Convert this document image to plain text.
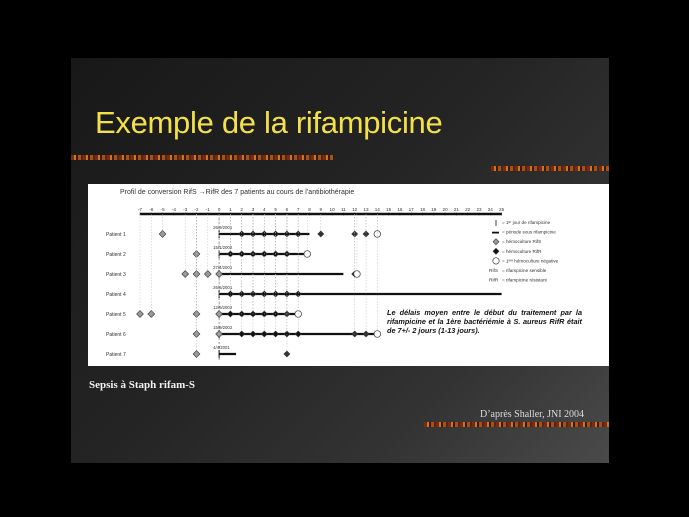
Exemple de la rifampicine
Profil de conversion RifS →RifR des 7 patients au cours de l’antibiothérapie
-7 -6 -5 -4 -3 -2 -1 0 1 2 3 4 5 6 7 8 9 10 11 12 13 14 15 16 17 18 19 20 21 22 23 24 25
Patient 1
26/9/2001
Patient 2
15/1/2002
Patient 3
27/4/2001
Patient 4
26/6/2001
Patient 5
12/9/2002
Patient 6
15/9/2002
Patient 7
4/4/2001
= 1ᵉʳ jour de rifampicine
= période sous rifampicine
= hémoculture RifS
= hémoculture RifR
= 1ᵉʳᵉ hémoculture négative
RifS = rifampicine sensible
RifR = rifampicine résistant
Le délais moyen entre le début du traitement par la rifampicine et la 1ère bactériémie à S. aureus RifR était de 7+/- 2 jours (1-13 jours).
Sepsis à Staph rifam-S
D’après Shaller, JNI 2004
